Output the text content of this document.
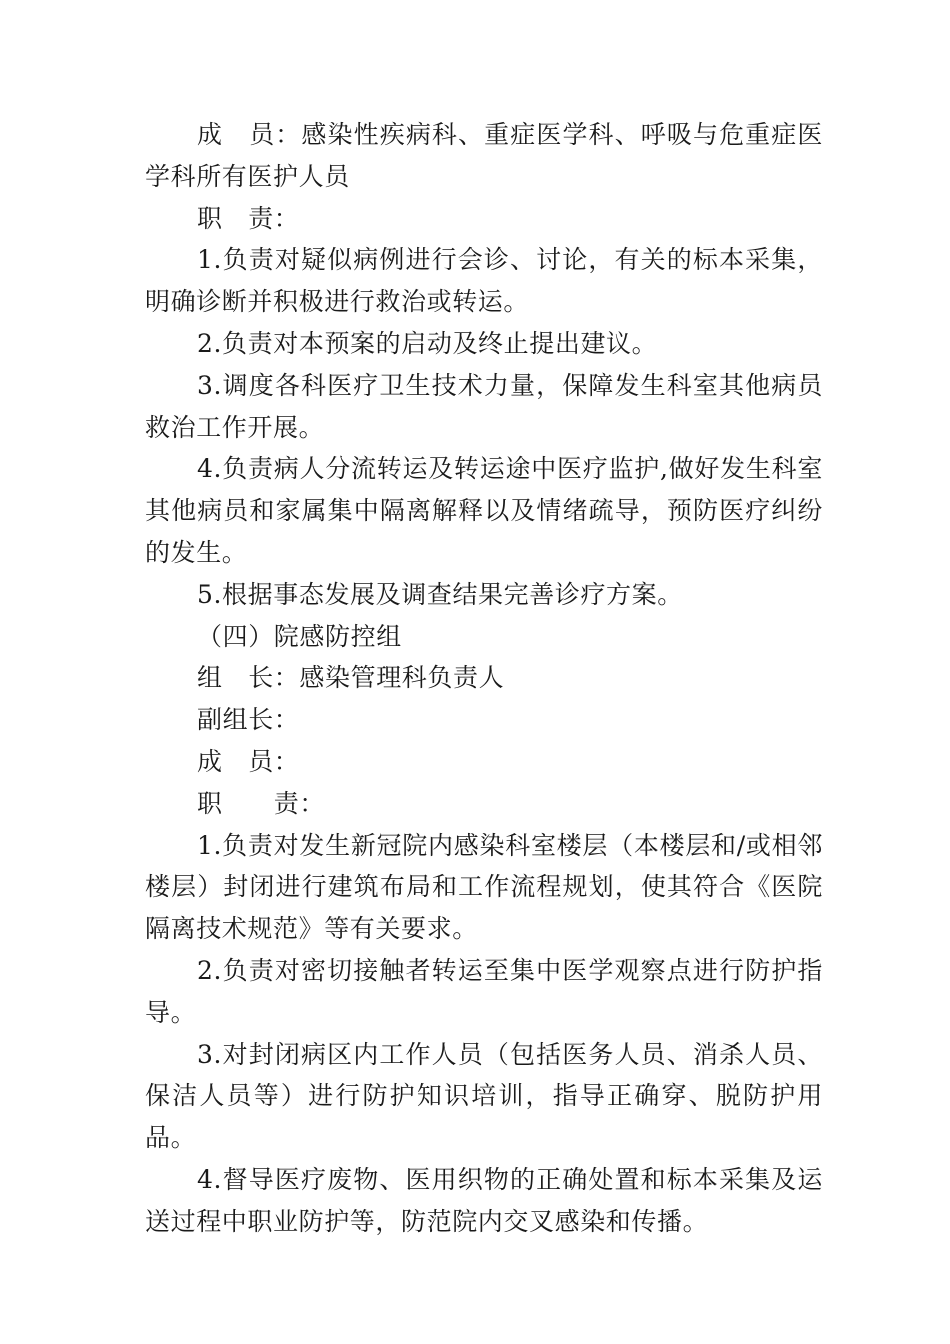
成　员：感染性疾病科、重症医学科、呼吸与危重症医学科所有医护人员

职　责：

1.负责对疑似病例进行会诊、讨论，有关的标本采集，明确诊断并积极进行救治或转运。

2.负责对本预案的启动及终止提出建议。

3.调度各科医疗卫生技术力量，保障发生科室其他病员救治工作开展。

4.负责病人分流转运及转运途中医疗监护,做好发生科室其他病员和家属集中隔离解释以及情绪疏导，预防医疗纠纷的发生。

5.根据事态发展及调查结果完善诊疗方案。

（四）院感防控组

组　长：感染管理科负责人

副组长：

成　员：

职　　责：

1.负责对发生新冠院内感染科室楼层（本楼层和/或相邻楼层）封闭进行建筑布局和工作流程规划，使其符合《医院隔离技术规范》等有关要求。

2.负责对密切接触者转运至集中医学观察点进行防护指导。

3.对封闭病区内工作人员（包括医务人员、消杀人员、保洁人员等）进行防护知识培训，指导正确穿、脱防护用品。

4.督导医疗废物、医用织物的正确处置和标本采集及运送过程中职业防护等，防范院内交叉感染和传播。
